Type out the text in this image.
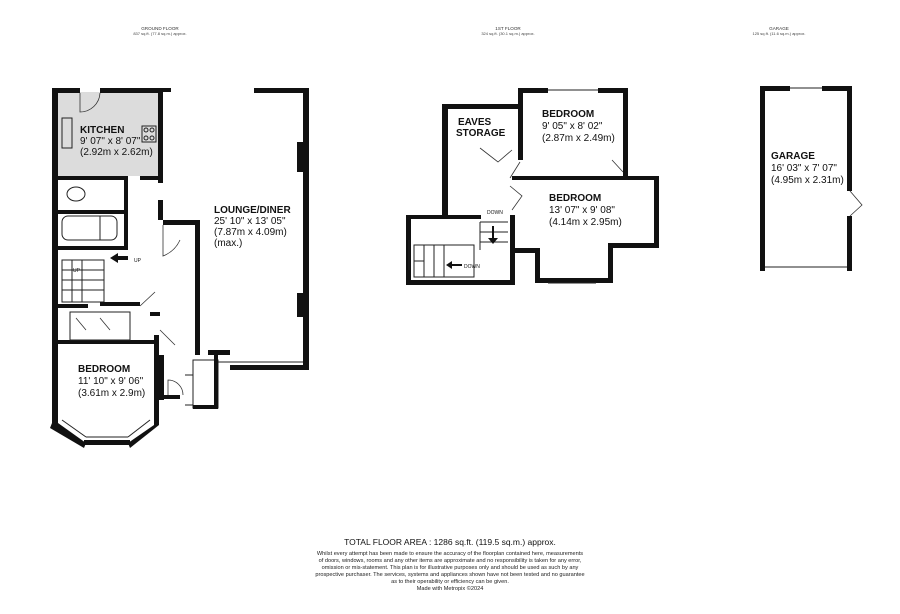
GROUND FLOOR
837 sq.ft. (77.8 sq.m.) approx.
1ST FLOOR
324 sq.ft. (30.1 sq.m.) approx.
GARAGE
125 sq.ft. (11.6 sq.m.) approx.
KITCHEN
9' 07" x 8' 07"
(2.92m x 2.62m)
LOUNGE/DINER
25' 10" x 13' 05"
(7.87m x 4.09m)
(max.)
BEDROOM
11' 10" x 9' 06"
(3.61m x 2.9m)
UP
UP
EAVES
STORAGE
BEDROOM
9' 05" x 8' 02"
(2.87m x 2.49m)
BEDROOM
13' 07" x 9' 08"
(4.14m x 2.95m)
DOWN
DOWN
GARAGE
16' 03" x 7' 07"
(4.95m x 2.31m)
TOTAL FLOOR AREA : 1286 sq.ft. (119.5 sq.m.) approx.
Whilst every attempt has been made to ensure the accuracy of the floorplan contained here, measurements
of doors, windows, rooms and any other items are approximate and no responsibility is taken for any error,
omission or mis-statement. This plan is for illustrative purposes only and should be used as such by any
prospective purchaser. The services, systems and appliances shown have not been tested and no guarantee
as to their operability or efficiency can be given.
Made with Metropix ©2024
